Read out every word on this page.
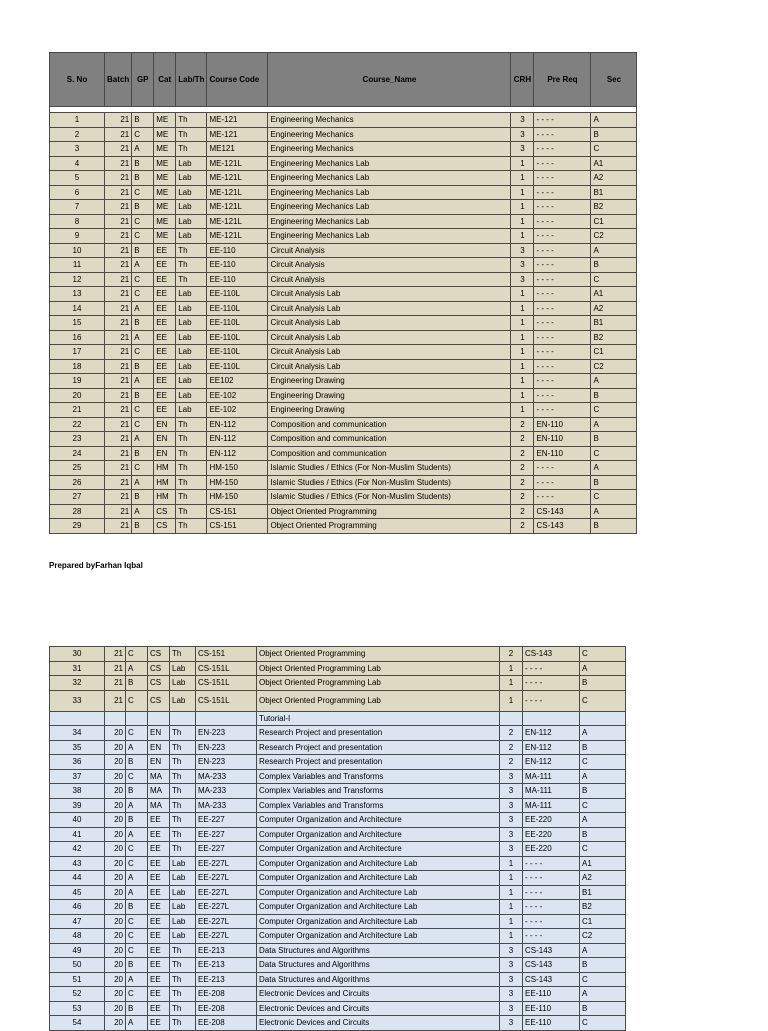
S. No	Batch	GP	Cat	Lab/Th	Course Code	Course_Name	CRH	Pre Req	Sec

1	21	B	ME	Th	ME-121	Engineering Mechanics	3	- - - -	A
2	21	C	ME	Th	ME-121	Engineering Mechanics	3	- - - -	B
3	21	A	ME	Th	ME121	Engineering Mechanics	3	- - - -	C
4	21	B	ME	Lab	ME-121L	Engineering Mechanics Lab	1	- - - -	A1
5	21	B	ME	Lab	ME-121L	Engineering Mechanics Lab	1	- - - -	A2
6	21	C	ME	Lab	ME-121L	Engineering Mechanics Lab	1	- - - -	B1
7	21	B	ME	Lab	ME-121L	Engineering Mechanics Lab	1	- - - -	B2
8	21	C	ME	Lab	ME-121L	Engineering Mechanics Lab	1	- - - -	C1
9	21	C	ME	Lab	ME-121L	Engineering Mechanics Lab	1	- - - -	C2
10	21	B	EE	Th	EE-110	Circuit Analysis	3	- - - -	A
11	21	A	EE	Th	EE-110	Circuit Analysis	3	- - - -	B
12	21	C	EE	Th	EE-110	Circuit Analysis	3	- - - -	C
13	21	C	EE	Lab	EE-110L	Circuit Analysis Lab	1	- - - -	A1
14	21	A	EE	Lab	EE-110L	Circuit Analysis Lab	1	- - - -	A2
15	21	B	EE	Lab	EE-110L	Circuit Analysis Lab	1	- - - -	B1
16	21	A	EE	Lab	EE-110L	Circuit Analysis Lab	1	- - - -	B2
17	21	C	EE	Lab	EE-110L	Circuit Analysis Lab	1	- - - -	C1
18	21	B	EE	Lab	EE-110L	Circuit Analysis Lab	1	- - - -	C2
19	21	A	EE	Lab	EE102	Engineering Drawing	1	- - - -	A
20	21	B	EE	Lab	EE-102	Engineering Drawing	1	- - - -	B
21	21	C	EE	Lab	EE-102	Engineering Drawing	1	- - - -	C
22	21	C	EN	Th	EN-112	Composition and communication	2	EN-110	A
23	21	A	EN	Th	EN-112	Composition and communication	2	EN-110	B
24	21	B	EN	Th	EN-112	Composition and communication	2	EN-110	C
25	21	C	HM	Th	HM-150	Islamic Studies / Ethics (For Non-Muslim Students)	2	- - - -	A
26	21	A	HM	Th	HM-150	Islamic Studies / Ethics (For Non-Muslim Students)	2	- - - -	B
27	21	B	HM	Th	HM-150	Islamic Studies / Ethics (For Non-Muslim Students)	2	- - - -	C
28	21	A	CS	Th	CS-151	Object Oriented Programming	2	CS-143	A
29	21	B	CS	Th	CS-151	Object Oriented Programming	2	CS-143	B
Prepared byFarhan Iqbal
30	21	C	CS	Th	CS-151	Object Oriented Programming	2	CS-143	C
31	21	A	CS	Lab	CS-151L	Object Oriented Programming Lab	1	- - - -	A
32	21	B	CS	Lab	CS-151L	Object Oriented Programming Lab	1	- - - -	B
33	21	C	CS	Lab	CS-151L	Object Oriented Programming Lab	1	- - - -	C
						Tutorial-I			
34	20	C	EN	Th	EN-223	Research Project and presentation	2	EN-112	A
35	20	A	EN	Th	EN-223	Research Project and presentation	2	EN-112	B
36	20	B	EN	Th	EN-223	Research Project and presentation	2	EN-112	C
37	20	C	MA	Th	MA-233	Complex Variables and Transforms	3	MA-111	A
38	20	B	MA	Th	MA-233	Complex Variables and Transforms	3	MA-111	B
39	20	A	MA	Th	MA-233	Complex Variables and Transforms	3	MA-111	C
40	20	B	EE	Th	EE-227	Computer Organization and Architecture	3	EE-220	A
41	20	A	EE	Th	EE-227	Computer Organization and Architecture	3	EE-220	B
42	20	C	EE	Th	EE-227	Computer Organization and Architecture	3	EE-220	C
43	20	C	EE	Lab	EE-227L	Computer Organization and Architecture Lab	1	- - - -	A1
44	20	A	EE	Lab	EE-227L	Computer Organization and Architecture Lab	1	- - - -	A2
45	20	A	EE	Lab	EE-227L	Computer Organization and Architecture Lab	1	- - - -	B1
46	20	B	EE	Lab	EE-227L	Computer Organization and Architecture Lab	1	- - - -	B2
47	20	C	EE	Lab	EE-227L	Computer Organization and Architecture Lab	1	- - - -	C1
48	20	C	EE	Lab	EE-227L	Computer Organization and Architecture Lab	1	- - - -	C2
49	20	C	EE	Th	EE-213	Data Structures and Algorithms	3	CS-143	A
50	20	B	EE	Th	EE-213	Data Structures and Algorithms	3	CS-143	B
51	20	A	EE	Th	EE-213	Data Structures and Algorithms	3	CS-143	C
52	20	C	EE	Th	EE-208	Electronic Devices and Circuits	3	EE-110	A
53	20	B	EE	Th	EE-208	Electronic Devices and Circuits	3	EE-110	B
54	20	A	EE	Th	EE-208	Electronic Devices and Circuits	3	EE-110	C
